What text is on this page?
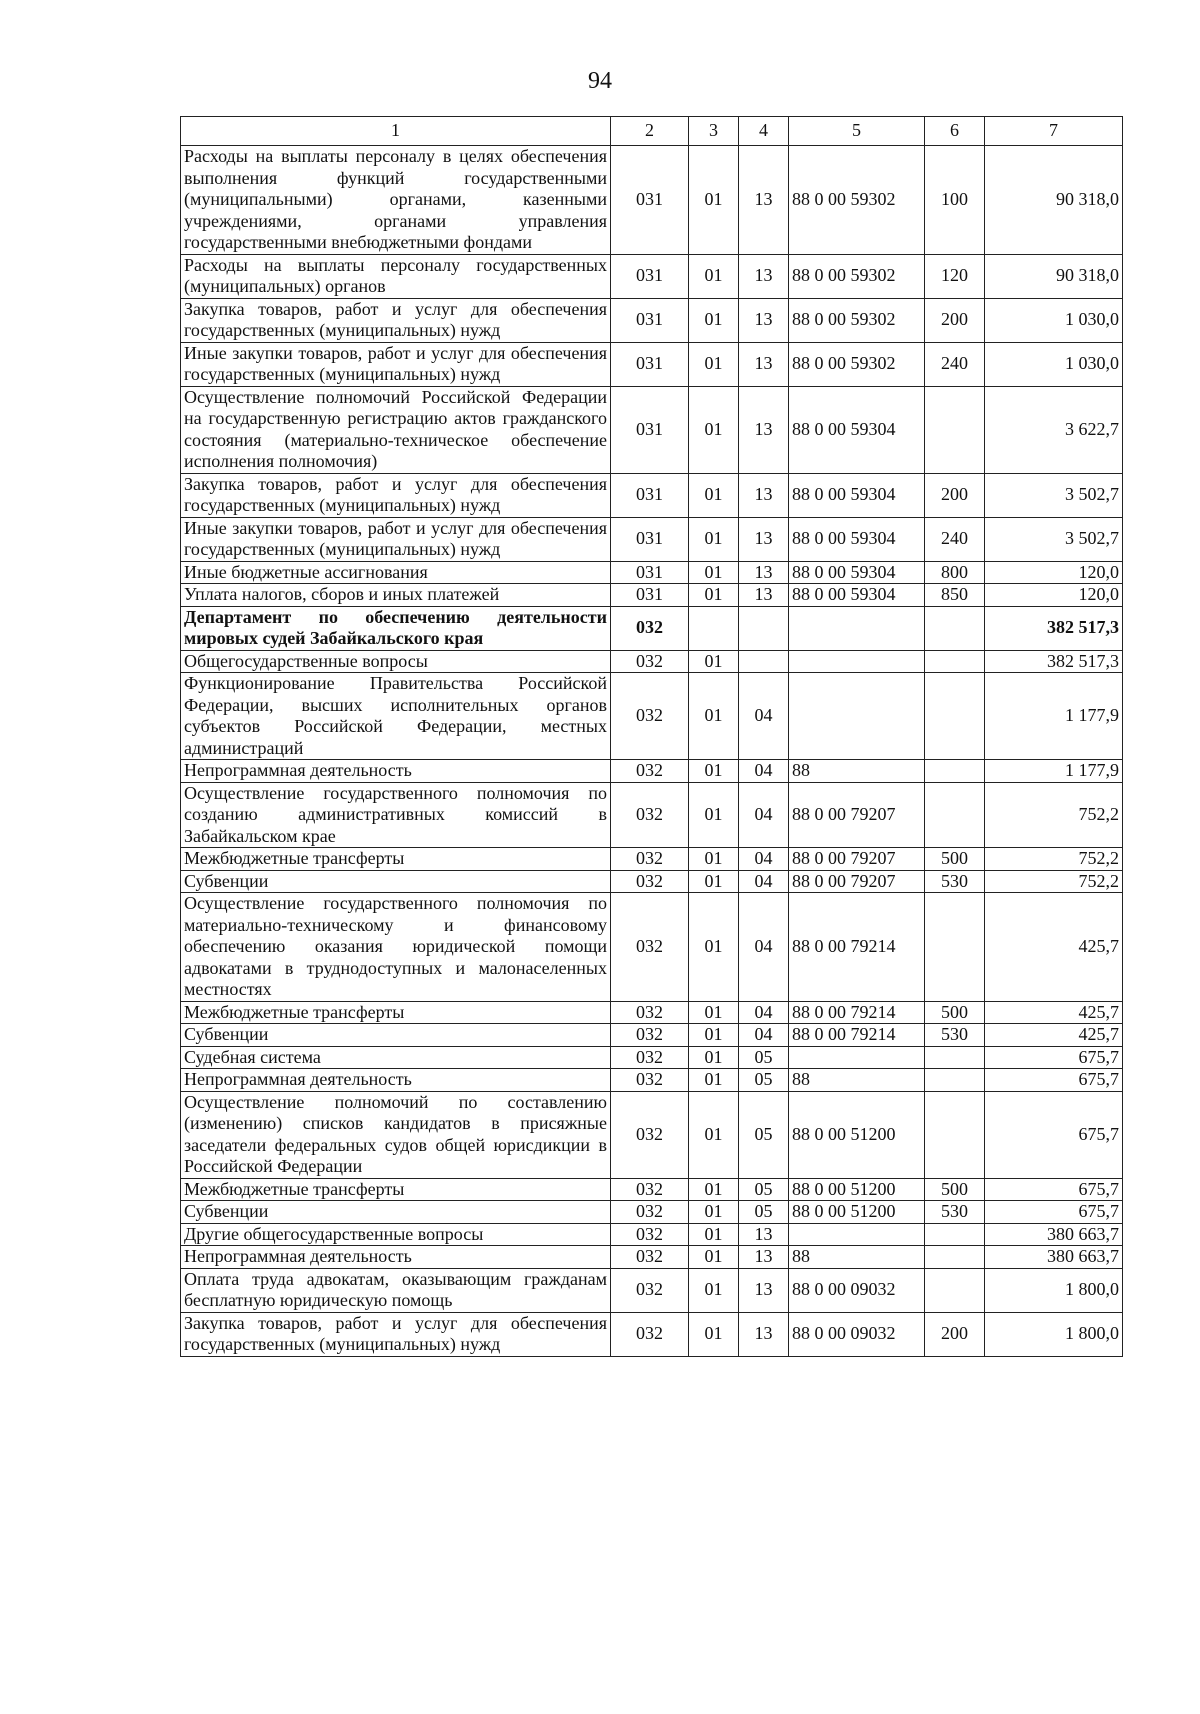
94
1	2	3	4	5	6	7
Расходы на выплаты персоналу в целях обеспечения выполнения функций государственными (муниципальными) органами, казенными учреждениями, органами управления государственными внебюджетными фондами	031	01	13	88 0 00 59302	100	90 318,0
Расходы на выплаты персоналу государственных (муниципальных) органов	031	01	13	88 0 00 59302	120	90 318,0
Закупка товаров, работ и услуг для обеспечения государственных (муниципальных) нужд	031	01	13	88 0 00 59302	200	1 030,0
Иные закупки товаров, работ и услуг для обеспечения государственных (муниципальных) нужд	031	01	13	88 0 00 59302	240	1 030,0
Осуществление полномочий Российской Федерации на государственную регистрацию актов гражданского состояния (материально-техническое обеспечение исполнения полномочия)	031	01	13	88 0 00 59304		3 622,7
Закупка товаров, работ и услуг для обеспечения государственных (муниципальных) нужд	031	01	13	88 0 00 59304	200	3 502,7
Иные закупки товаров, работ и услуг для обеспечения государственных (муниципальных) нужд	031	01	13	88 0 00 59304	240	3 502,7
Иные бюджетные ассигнования	031	01	13	88 0 00 59304	800	120,0
Уплата налогов, сборов и иных платежей	031	01	13	88 0 00 59304	850	120,0
Департамент по обеспечению деятельности мировых судей Забайкальского края	032					382 517,3
Общегосударственные вопросы	032	01				382 517,3
Функционирование Правительства Российской Федерации, высших исполнительных органов субъектов Российской Федерации, местных администраций	032	01	04			1 177,9
Непрограммная деятельность	032	01	04	88		1 177,9
Осуществление государственного полномочия по созданию административных комиссий в Забайкальском крае	032	01	04	88 0 00 79207		752,2
Межбюджетные трансферты	032	01	04	88 0 00 79207	500	752,2
Субвенции	032	01	04	88 0 00 79207	530	752,2
Осуществление государственного полномочия по материально-техническому и финансовому обеспечению оказания юридической помощи адвокатами в труднодоступных и малонаселенных местностях	032	01	04	88 0 00 79214		425,7
Межбюджетные трансферты	032	01	04	88 0 00 79214	500	425,7
Субвенции	032	01	04	88 0 00 79214	530	425,7
Судебная система	032	01	05			675,7
Непрограммная деятельность	032	01	05	88		675,7
Осуществление полномочий по составлению (изменению) списков кандидатов в присяжные заседатели федеральных судов общей юрисдикции в Российской Федерации	032	01	05	88 0 00 51200		675,7
Межбюджетные трансферты	032	01	05	88 0 00 51200	500	675,7
Субвенции	032	01	05	88 0 00 51200	530	675,7
Другие общегосударственные вопросы	032	01	13			380 663,7
Непрограммная деятельность	032	01	13	88		380 663,7
Оплата труда адвокатам, оказывающим гражданам бесплатную юридическую помощь	032	01	13	88 0 00 09032		1 800,0
Закупка товаров, работ и услуг для обеспечения государственных (муниципальных) нужд	032	01	13	88 0 00 09032	200	1 800,0
